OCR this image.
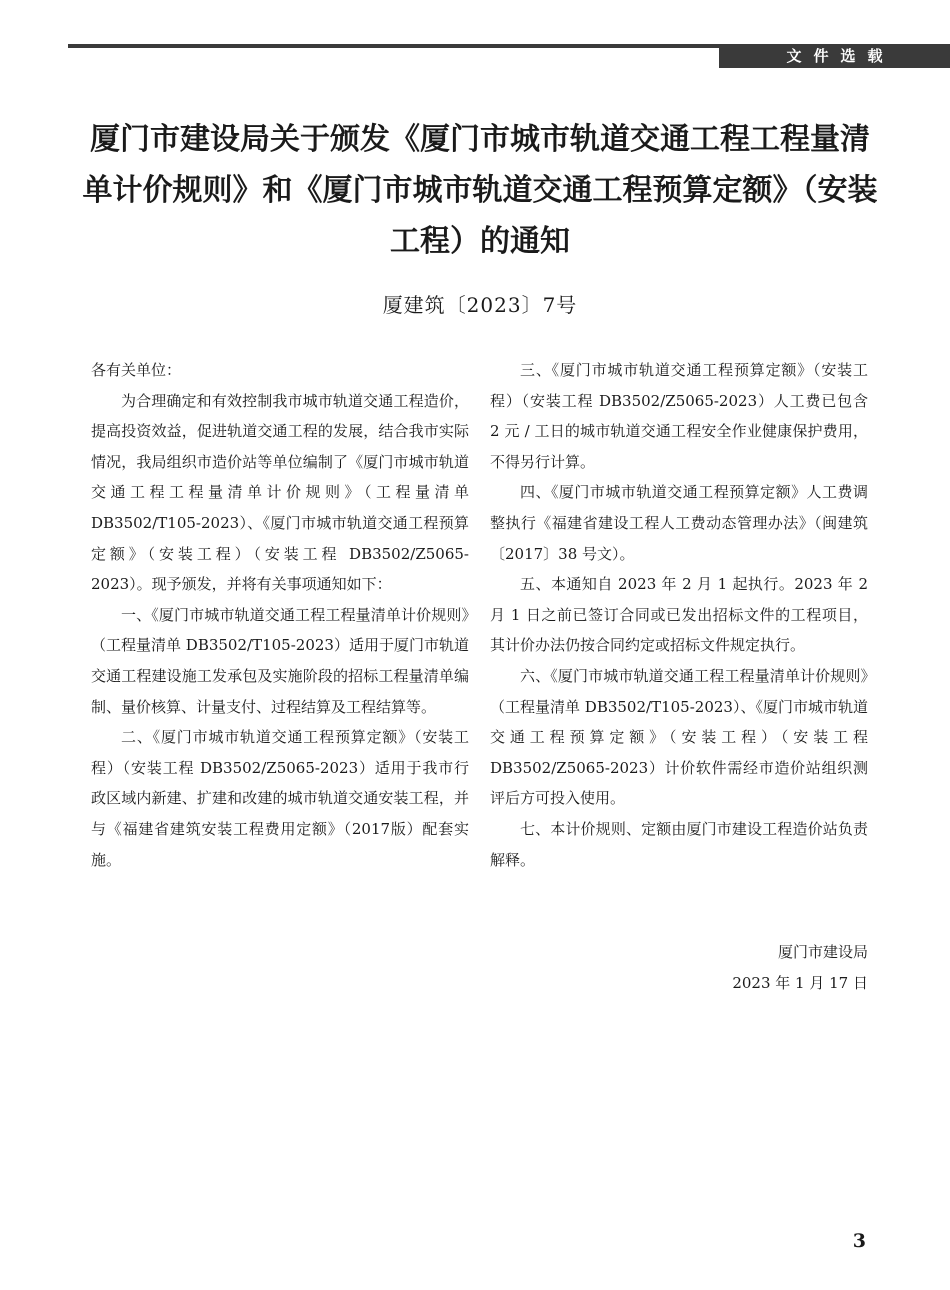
文件选载
厦门市建设局关于颁发《厦门市城市轨道交通工程工程量清单计价规则》和《厦门市城市轨道交通工程预算定额》（安装工程）的通知
厦建筑〔2023〕7号

各有关单位：

为合理确定和有效控制我市城市轨道交通工程造价，提高投资效益，促进轨道交通工程的发展，结合我市实际情况，我局组织市造价站等单位编制了《厦门市城市轨道交通工程工程量清单计价规则》（工程量清单 DB3502/T105-2023）、《厦门市城市轨道交通工程预算定额》（安装工程）（安装工程 DB3502/Z5065-2023）。现予颁发，并将有关事项通知如下：

一、《厦门市城市轨道交通工程工程量清单计价规则》（工程量清单 DB3502/T105-2023）适用于厦门市轨道交通工程建设施工发承包及实施阶段的招标工程量清单编制、量价核算、计量支付、过程结算及工程结算等。

二、《厦门市城市轨道交通工程预算定额》（安装工程）（安装工程 DB3502/Z5065-2023）适用于我市行政区域内新建、扩建和改建的城市轨道交通安装工程，并与《福建省建筑安装工程费用定额》（2017版）配套实施。

三、《厦门市城市轨道交通工程预算定额》（安装工程）（安装工程 DB3502/Z5065-2023）人工费已包含 2 元 / 工日的城市轨道交通工程安全作业健康保护费用，不得另行计算。

四、《厦门市城市轨道交通工程预算定额》人工费调整执行《福建省建设工程人工费动态管理办法》（闽建筑〔2017〕38 号文）。

五、本通知自 2023 年 2 月 1 起执行。2023 年 2 月 1 日之前已签订合同或已发出招标文件的工程项目，其计价办法仍按合同约定或招标文件规定执行。

六、《厦门市城市轨道交通工程工程量清单计价规则》（工程量清单 DB3502/T105-2023）、《厦门市城市轨道交通工程预算定额》（安装工程）（安装工程 DB3502/Z5065-2023）计价软件需经市造价站组织测评后方可投入使用。

七、本计价规则、定额由厦门市建设工程造价站负责解释。

厦门市建设局
2023 年 1 月 17 日
3
